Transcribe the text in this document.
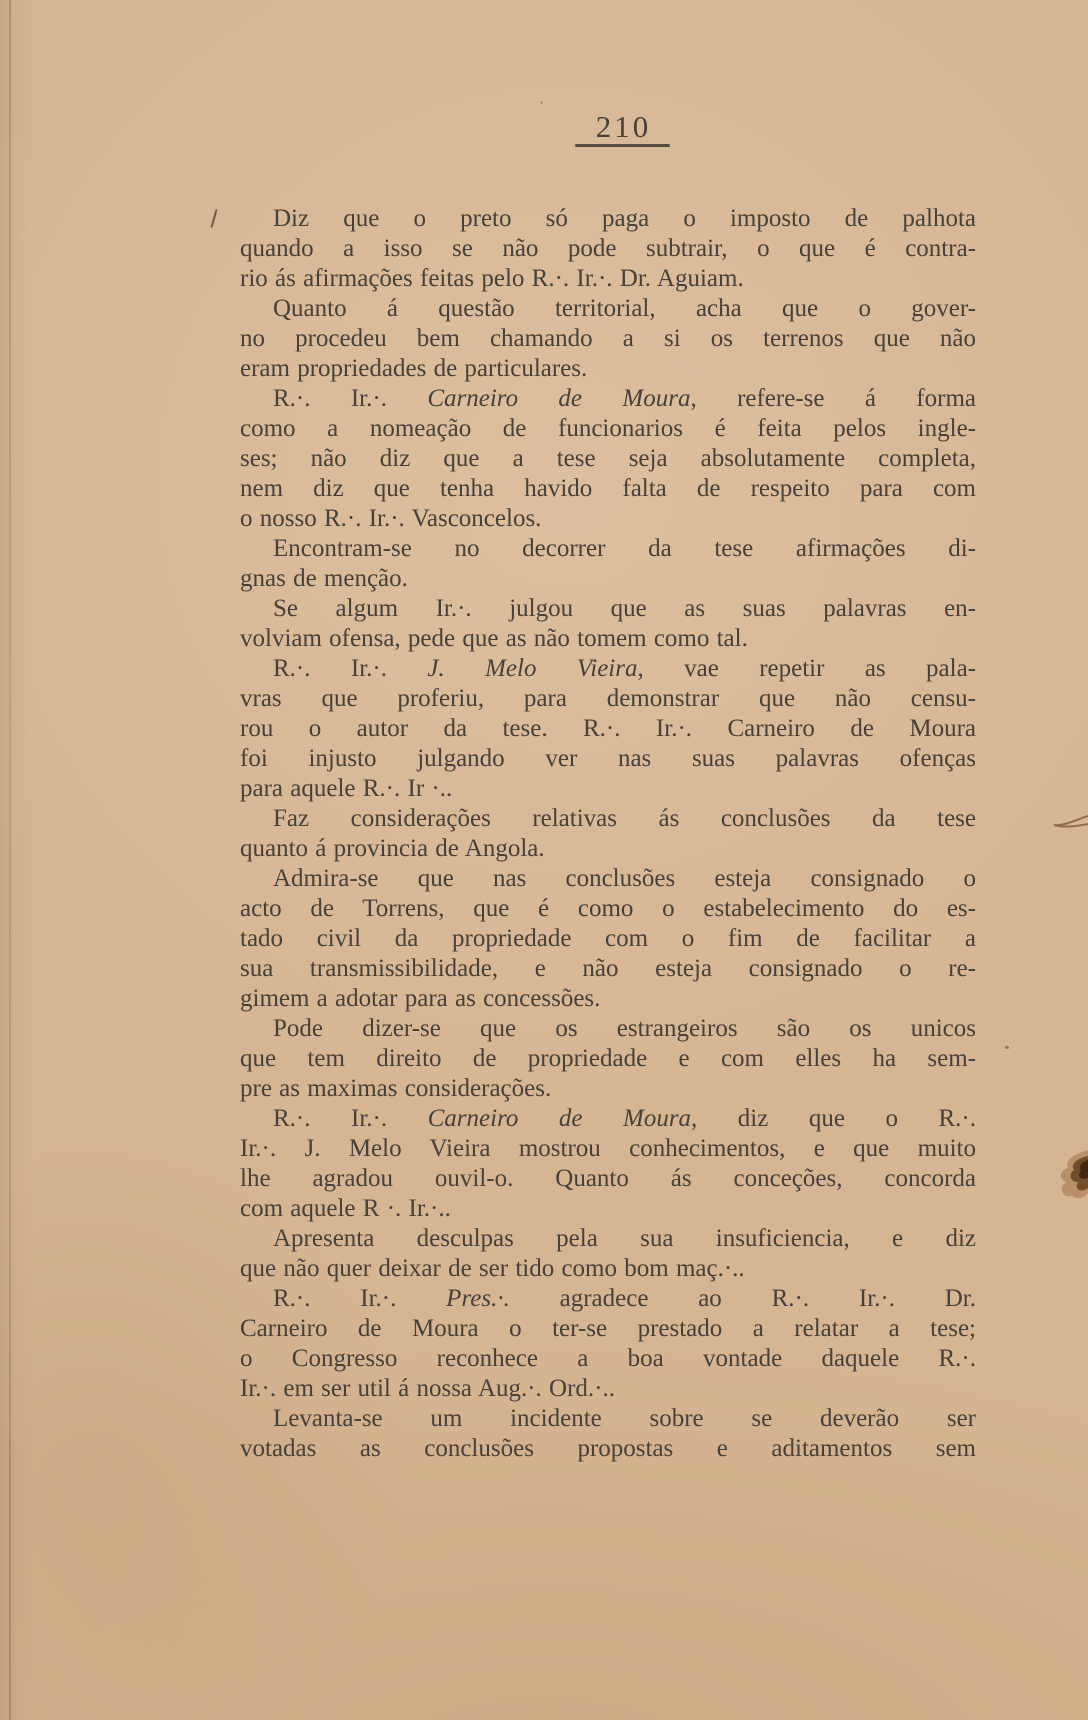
210
Diz que o preto só paga o imposto de palhota
quando a isso se não pode subtrair, o que é contra-
rio ás afirmações feitas pelo R.·. Ir.·. Dr. Aguiam.
Quanto á questão territorial, acha que o gover-
no procedeu bem chamando a si os terrenos que não
eram propriedades de particulares.
R.·. Ir.·. Carneiro de Moura, refere-se á forma
como a nomeação de funcionarios é feita pelos ingle-
ses; não diz que a tese seja absolutamente completa,
nem diz que tenha havido falta de respeito para com
o nosso R.·. Ir.·. Vasconcelos.
Encontram-se no decorrer da tese afirmações di-
gnas de menção.
Se algum Ir.·. julgou que as suas palavras en-
volviam ofensa, pede que as não tomem como tal.
R.·. Ir.·. J. Melo Vieira, vae repetir as pala-
vras que proferiu, para demonstrar que não censu-
rou o autor da tese. R.·. Ir.·. Carneiro de Moura
foi injusto julgando ver nas suas palavras ofenças
para aquele R.·. Ir ·..
Faz considerações relativas ás conclusões da tese
quanto á provincia de Angola.
Admira-se que nas conclusões esteja consignado o
acto de Torrens, que é como o estabelecimento do es-
tado civil da propriedade com o fim de facilitar a
sua transmissibilidade, e não esteja consignado o re-
gimem a adotar para as concessões.
Pode dizer-se que os estrangeiros são os unicos
que tem direito de propriedade e com elles ha sem-
pre as maximas considerações.
R.·. Ir.·. Carneiro de Moura, diz que o R.·.
Ir.·. J. Melo Vieira mostrou conhecimentos, e que muito
lhe agradou ouvil-o. Quanto ás conceções, concorda
com aquele R ·. Ir.·..
Apresenta desculpas pela sua insuficiencia, e diz
que não quer deixar de ser tido como bom maç.·..
R.·. Ir.·. Pres.·. agradece ao R.·. Ir.·. Dr.
Carneiro de Moura o ter-se prestado a relatar a tese;
o Congresso reconhece a boa vontade daquele R.·.
Ir.·. em ser util á nossa Aug.·. Ord.·..
Levanta-se um incidente sobre se deverão ser
votadas as conclusões propostas e aditamentos sem
